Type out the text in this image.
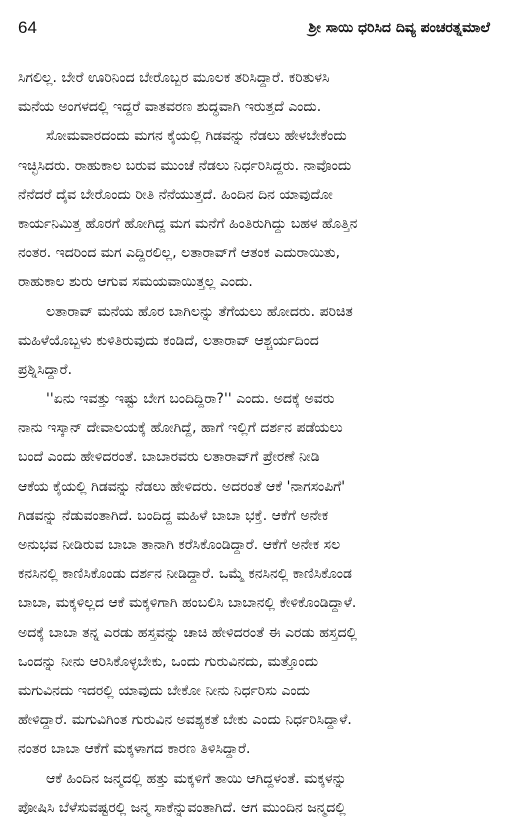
64	ಶ್ರೀ ಸಾಯಿ ಧರಿಸಿದ ದಿವ್ಯ ಪಂಚರತ್ನಮಾಲೆ
ಸಿಗಲಿಲ್ಲ. ಬೇರೆ ಊರಿನಿಂದ ಬೇರೊಬ್ಬರ ಮೂಲಕ ತರಿಸಿದ್ದಾರೆ. ಕರಿತುಳಸಿ
ಮನೆಯ ಅಂಗಳದಲ್ಲಿ ಇದ್ದರೆ ವಾತವರಣ ಶುದ್ಧವಾಗಿ ಇರುತ್ತದೆ ಎಂದು.
ಸೋಮವಾರದಂದು ಮಗನ ಕೈಯಲ್ಲಿ ಗಿಡವನ್ನು ನೆಡಲು ಹೇಳಬೇಕೆಂದು
ಇಚ್ಛಿಸಿದರು. ರಾಹುಕಾಲ ಬರುವ ಮುಂಚೆ ನೆಡಲು ನಿರ್ಧರಿಸಿದ್ದರು. ನಾವೊಂದು
ನೆನೆದರೆ ದೈವ ಬೇರೊಂದು ರೀತಿ ನೆನೆಯುತ್ತದೆ. ಹಿಂದಿನ ದಿನ ಯಾವುದೋ
ಕಾರ್ಯನಿಮಿತ್ತ ಹೊರಗೆ ಹೋಗಿದ್ದ ಮಗ ಮನೆಗೆ ಹಿಂತಿರುಗಿದ್ದು ಬಹಳ ಹೊತ್ತಿನ
ನಂತರ. ಇದರಿಂದ ಮಗ ಎದ್ದಿರಲಿಲ್ಲ, ಲತಾರಾವ್‌ಗೆ ಆತಂಕ ಎದುರಾಯಿತು,
ರಾಹುಕಾಲ ಶುರು ಆಗುವ ಸಮಯವಾಯಿತ್ತಲ್ಲ ಎಂದು.
ಲತಾರಾವ್ ಮನೆಯ ಹೊರ ಬಾಗಿಲನ್ನು ತೆಗೆಯಲು ಹೋದರು. ಪರಿಚಿತ
ಮಹಿಳೆಯೊಬ್ಬಳು ಕುಳಿತಿರುವುದು ಕಂಡಿದೆ, ಲತಾರಾವ್ ಆಶ್ಚರ್ಯದಿಂದ
ಪ್ರಶ್ನಿಸಿದ್ದಾರೆ.
''ಏನು ಇವತ್ತು ಇಷ್ಟು ಬೇಗ ಬಂದಿದ್ದಿರಾ?'' ಎಂದು. ಅದಕ್ಕೆ ಅವರು
ನಾನು ಇಸ್ಕಾನ್ ದೇವಾಲಯಕ್ಕೆ ಹೋಗಿದ್ದೆ, ಹಾಗೆ ಇಲ್ಲಿಗೆ ದರ್ಶನ ಪಡೆಯಲು
ಬಂದೆ ಎಂದು ಹೇಳಿದರಂತೆ. ಬಾಬಾರವರು ಲತಾರಾವ್‌ಗೆ ಪ್ರೇರಣೆ ನೀಡಿ
ಆಕೆಯ ಕೈಯಲ್ಲಿ ಗಿಡವನ್ನು ನೆಡಲು ಹೇಳಿದರು. ಅದರಂತೆ ಆಕೆ 'ನಾಗಸಂಪಿಗೆ'
ಗಿಡವನ್ನು ನೆಡುವಂತಾಗಿದೆ. ಬಂದಿದ್ದ ಮಹಿಳೆ ಬಾಬಾ ಭಕ್ತೆ. ಆಕೆಗೆ ಅನೇಕ
ಅನುಭವ ನೀಡಿರುವ ಬಾಬಾ ತಾನಾಗಿ ಕರೆಸಿಕೊಂಡಿದ್ದಾರೆ. ಆಕೆಗೆ ಅನೇಕ ಸಲ
ಕನಸಿನಲ್ಲಿ ಕಾಣಿಸಿಕೊಂಡು ದರ್ಶನ ನೀಡಿದ್ದಾರೆ. ಒಮ್ಮೆ ಕನಸಿನಲ್ಲಿ ಕಾಣಿಸಿಕೊಂಡ
ಬಾಬಾ, ಮಕ್ಕಳಿಲ್ಲದ ಆಕೆ ಮಕ್ಕಳಿಗಾಗಿ ಹಂಬಲಿಸಿ ಬಾಬಾನಲ್ಲಿ ಕೇಳಿಕೊಂಡಿದ್ದಾಳೆ.
ಅದಕ್ಕೆ ಬಾಬಾ ತನ್ನ ಎರಡು ಹಸ್ತವನ್ನು ಚಾಚಿ ಹೇಳಿದರಂತೆ ಈ ಎರಡು ಹಸ್ತದಲ್ಲಿ
ಒಂದನ್ನು ನೀನು ಆರಿಸಿಕೊಳ್ಳಬೇಕು, ಒಂದು ಗುರುವಿನದು, ಮತ್ತೊಂದು
ಮಗುವಿನದು ಇದರಲ್ಲಿ ಯಾವುದು ಬೇಕೋ ನೀನು ನಿರ್ಧರಿಸು ಎಂದು
ಹೇಳಿದ್ದಾರೆ. ಮಗುವಿಗಿಂತ ಗುರುವಿನ ಅವಶ್ಯಕತೆ ಬೇಕು ಎಂದು ನಿರ್ಧರಿಸಿದ್ದಾಳೆ.
ನಂತರ ಬಾಬಾ ಆಕೆಗೆ ಮಕ್ಕಳಾಗದ ಕಾರಣ ತಿಳಿಸಿದ್ದಾರೆ.
ಆಕೆ ಹಿಂದಿನ ಜನ್ಮದಲ್ಲಿ ಹತ್ತು ಮಕ್ಕಳಿಗೆ ತಾಯಿ ಆಗಿದ್ದಳಂತೆ. ಮಕ್ಕಳನ್ನು
ಪೋಷಿಸಿ ಬೆಳೆಸುವಷ್ಟರಲ್ಲಿ ಜನ್ಮ ಸಾಕೆನ್ನುವಂತಾಗಿದೆ. ಆಗ ಮುಂದಿನ ಜನ್ಮದಲ್ಲಿ
